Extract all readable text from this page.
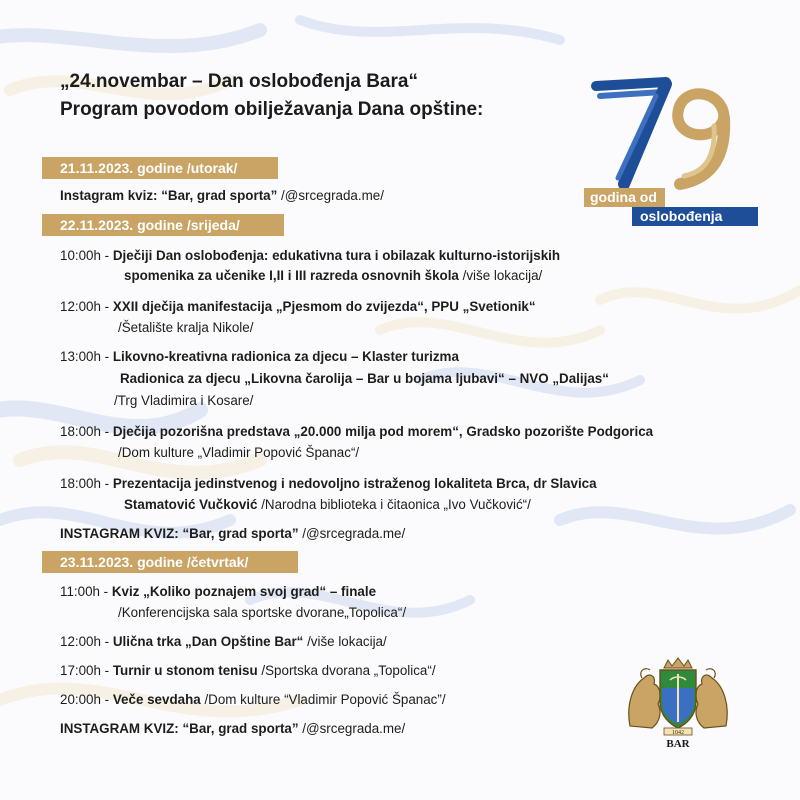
„24.novembar – Dan oslobođenja Bara“
Program povodom obilježavanja Dana opštine:
79
godina od
oslobođenja
21.11.2023. godine /utorak/
Instagram kviz: “Bar, grad sporta” /@srcegrada.me/
22.11.2023. godine /srijeda/
10:00h - Dječiji Dan oslobođenja: edukativna tura i obilazak kulturno-istorijskih
spomenika za učenike I,II i III razreda osnovnih škola /više lokacija/
12:00h - XXII dječija manifestacija „Pjesmom do zvijezda“, PPU „Svetionik“
/Šetalište kralja Nikole/
13:00h - Likovno-kreativna radionica za djecu – Klaster turizma
Radionica za djecu „Likovna čarolija – Bar u bojama ljubavi“ – NVO „Dalijas“
/Trg Vladimira i Kosare/
18:00h - Dječija pozorišna predstava „20.000 milja pod morem“, Gradsko pozorište Podgorica
/Dom kulture „Vladimir Popović Španac“/
18:00h - Prezentacija jedinstvenog i nedovoljno istraženog lokaliteta Brca, dr Slavica
Stamatović Vučković /Narodna biblioteka i čitaonica „Ivo Vučković“/
INSTAGRAM KVIZ: “Bar, grad sporta” /@srcegrada.me/
23.11.2023. godine /četvrtak/
11:00h - Kviz „Koliko poznajem svoj grad“ – finale
/Konferencijska sala sportske dvorane„Topolica“/
12:00h - Ulična trka „Dan Opštine Bar“ /više lokacija/
17:00h - Turnir u stonom tenisu /Sportska dvorana „Topolica“/
20:00h - Veče sevdaha /Dom kulture “Vladimir Popović Španac”/
INSTAGRAM KVIZ: “Bar, grad sporta” /@srcegrada.me/	1042
BAR
